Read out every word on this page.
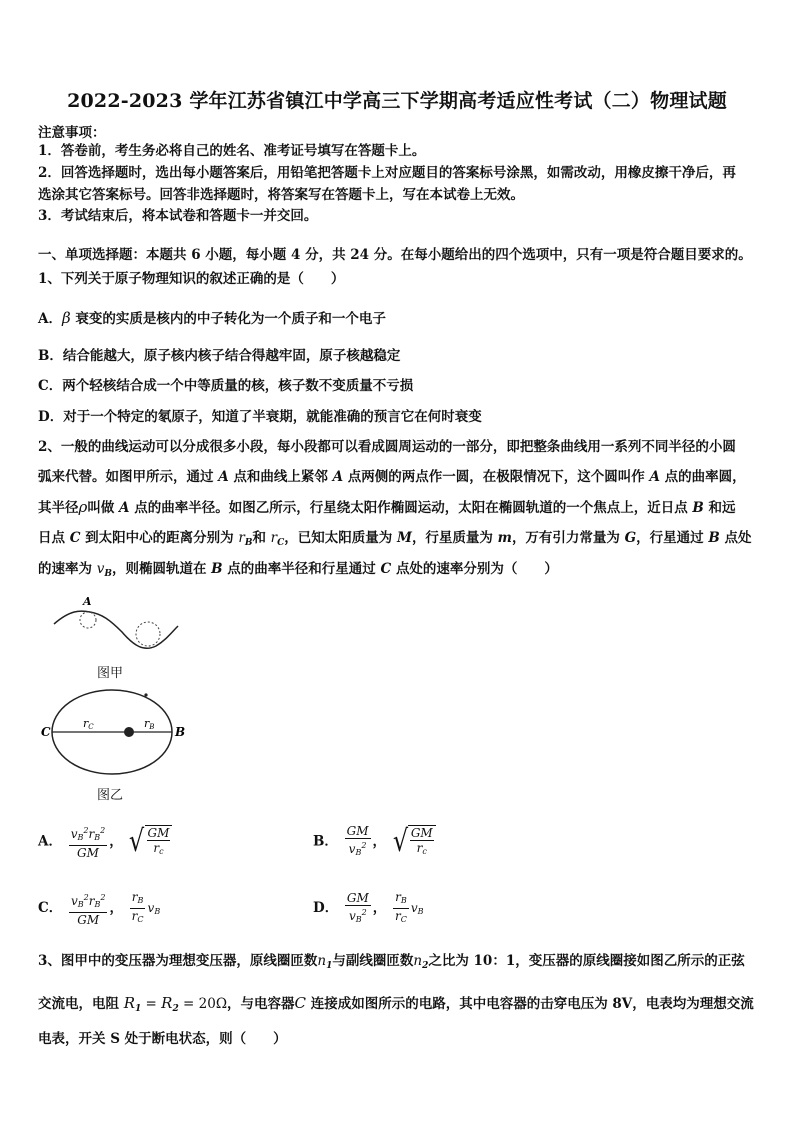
2022-2023 学年江苏省镇江中学高三下学期高考适应性考试（二）物理试题
注意事项：
1．答卷前，考生务必将自己的姓名、准考证号填写在答题卡上。
2．回答选择题时，选出每小题答案后，用铅笔把答题卡上对应题目的答案标号涂黑，如需改动，用橡皮擦干净后，再
选涂其它答案标号。回答非选择题时，将答案写在答题卡上，写在本试卷上无效。
3．考试结束后，将本试卷和答题卡一并交回。
一、单项选择题：本题共 6 小题，每小题 4 分，共 24 分。在每小题给出的四个选项中，只有一项是符合题目要求的。
1、下列关于原子物理知识的叙述正确的是（　　）
A．β 衰变的实质是核内的中子转化为一个质子和一个电子
B．结合能越大，原子核内核子结合得越牢固，原子核越稳定
C．两个轻核结合成一个中等质量的核，核子数不变质量不亏损
D．对于一个特定的氡原子，知道了半衰期，就能准确的预言它在何时衰变
2、一般的曲线运动可以分成很多小段，每小段都可以看成圆周运动的一部分，即把整条曲线用一系列不同半径的小圆
弧来代替。如图甲所示，通过 A 点和曲线上紧邻 A 点两侧的两点作一圆，在极限情况下，这个圆叫作 A 点的曲率圆，
其半径ρ叫做 A 点的曲率半径。如图乙所示，行星绕太阳作椭圆运动，太阳在椭圆轨道的一个焦点上，近日点 B 和远
日点 C 到太阳中心的距离分别为 $r_B$和 $r_C$，已知太阳质量为 M，行星质量为 m，万有引力常量为 G，行星通过 B 点处
的速率为 $v_B$，则椭圆轨道在 B 点的曲率半径和行星通过 C 点处的速率分别为（　　）
A
图甲
C	B
rC	rB
图乙
A． $\frac{vB^2rB^2}{GM}$ ， √ GM
rc
B． $\frac{GM}{vB^2}$ ， √ GM
rc
C． $\frac{vB^2rB^2}{GM}$ ， $\frac{rB}{rC}$ vB	D． $\frac{GM}{vB^2}$ ， $\frac{rB}{rC}$ vB
3、图甲中的变压器为理想变压器，原线圈匝数$n_1$与副线圈匝数$n_2$之比为 10：1，变压器的原线圈接如图乙所示的正弦
交流电，电阻 $R_1 = R_2 = 20\Omega$，与电容器C 连接成如图所示的电路，其中电容器的击穿电压为 8V，电表均为理想交流
电表，开关 S 处于断电状态，则（　　）
